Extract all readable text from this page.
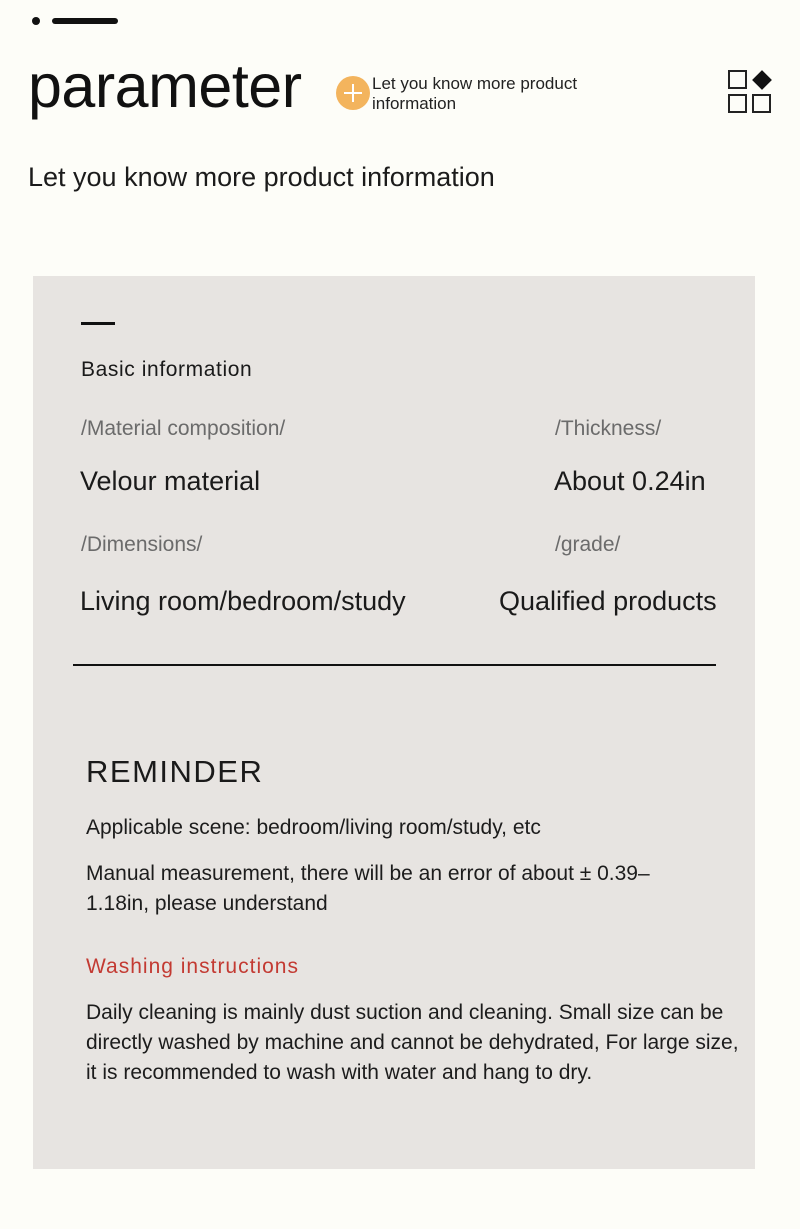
parameter	Let you know more product information
Let you know more product information
Basic information
/Material composition/
Velour material
/Thickness/
About 0.24in
/Dimensions/
Living room/bedroom/study
/grade/
Qualified products
REMINDER
Applicable scene: bedroom/living room/study, etc
Manual measurement, there will be an error of about ± 0.39–1.18in, please understand
Washing instructions
Daily cleaning is mainly dust suction and cleaning. Small size can be directly washed by machine and cannot be dehydrated, For large size, it is recommended to wash with water and hang to dry.
